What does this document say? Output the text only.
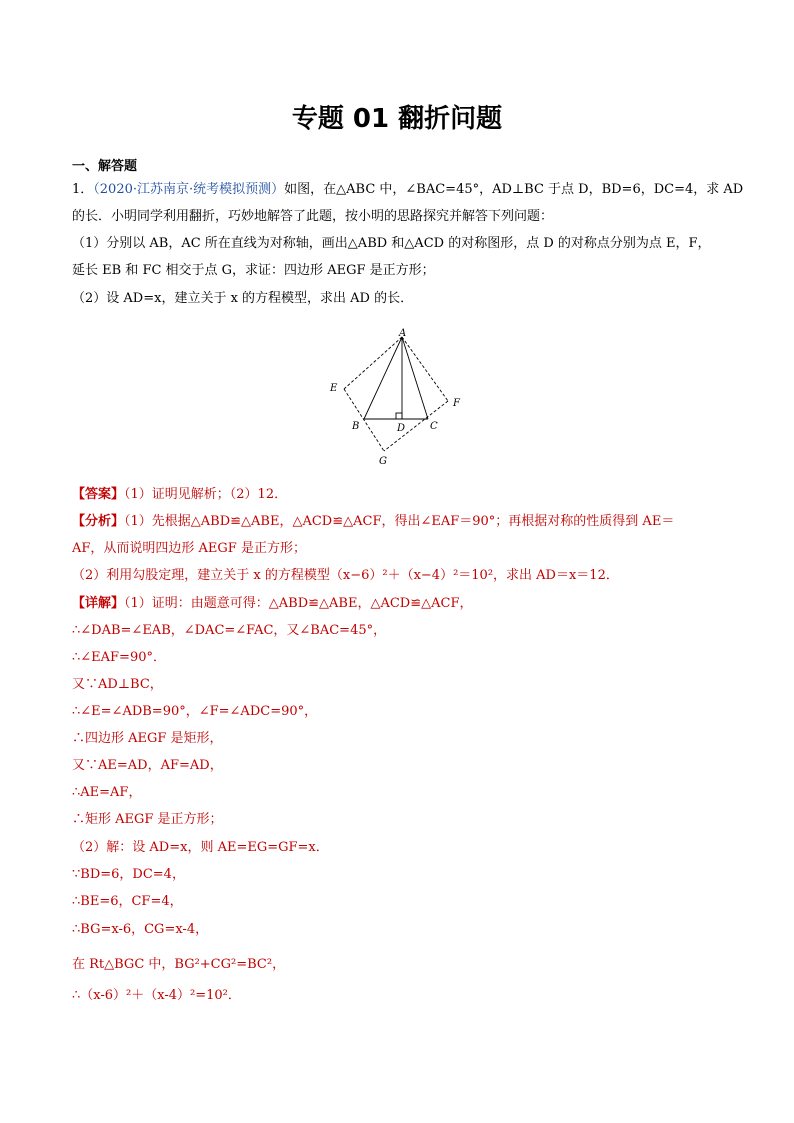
专题 01 翻折问题
一、解答题
1．（2020·江苏南京·统考模拟预测）如图，在△ABC 中，∠BAC=45°，AD⊥BC 于点 D，BD=6，DC=4，求 AD
的长．小明同学利用翻折，巧妙地解答了此题，按小明的思路探究并解答下列问题：
（1）分别以 AB，AC 所在直线为对称轴，画出△ABD 和△ACD 的对称图形，点 D 的对称点分别为点 E，F，
延长 EB 和 FC 相交于点 G，求证：四边形 AEGF 是正方形；
（2）设 AD=x，建立关于 x 的方程模型，求出 AD 的长．
A
E
F
B	D C
G
【答案】（1）证明见解析；（2）12．
【分析】（1）先根据△ABD≌△ABE，△ACD≌△ACF，得出∠EAF＝90°；再根据对称的性质得到 AE＝
AF，从而说明四边形 AEGF 是正方形；
（2）利用勾股定理，建立关于 x 的方程模型（x−6）²＋（x−4）²＝10²，求出 AD＝x＝12．
【详解】（1）证明：由题意可得：△ABD≌△ABE，△ACD≌△ACF，
∴∠DAB=∠EAB，∠DAC=∠FAC，又∠BAC=45°，
∴∠EAF=90°．
又∵AD⊥BC，
∴∠E=∠ADB=90°，∠F=∠ADC=90°，
∴四边形 AEGF 是矩形，
又∵AE=AD，AF=AD，
∴AE=AF，
∴矩形 AEGF 是正方形；
（2）解：设 AD=x，则 AE=EG=GF=x．
∵BD=6，DC=4，
∴BE=6，CF=4，
∴BG=x-6，CG=x-4，
在 Rt△BGC 中，BG²+CG²=BC²，
∴（x-6）²＋（x-4）²=10²．
